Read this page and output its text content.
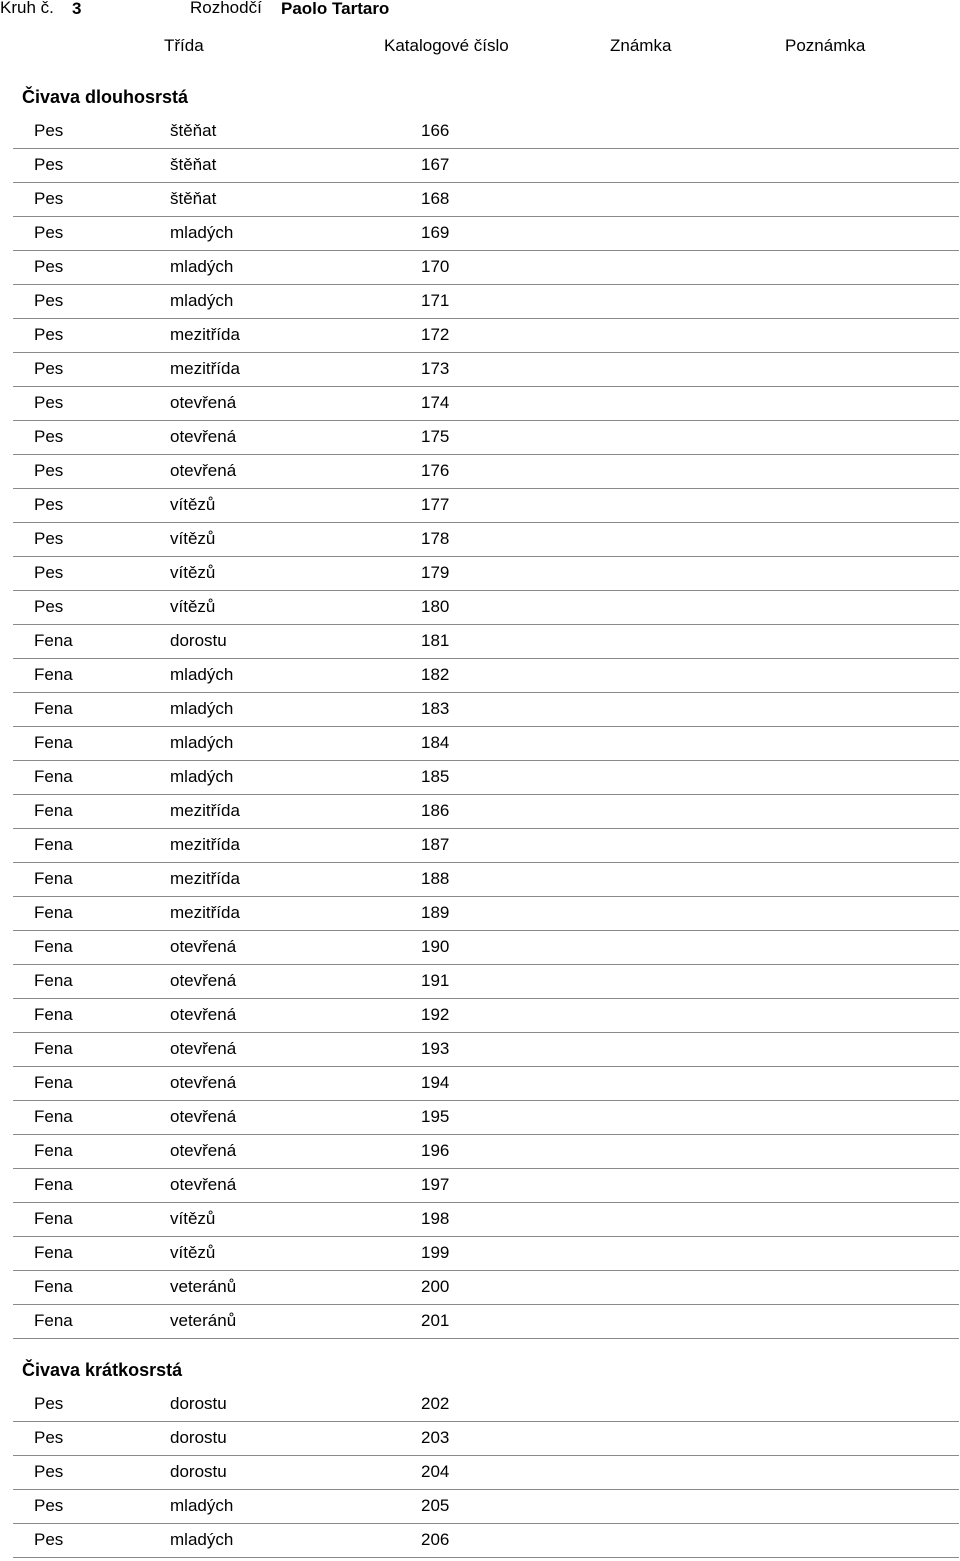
Kruh č. 3	Rozhodčí Paolo Tartaro
Třída	Katalogové číslo	Známka	Poznámka
Čivava dlouhosrstá
Pes	štěňat	166
Pes	štěňat	167
Pes	štěňat	168
Pes	mladých	169
Pes	mladých	170
Pes	mladých	171
Pes	mezitřída	172
Pes	mezitřída	173
Pes	otevřená	174
Pes	otevřená	175
Pes	otevřená	176
Pes	vítězů	177
Pes	vítězů	178
Pes	vítězů	179
Pes	vítězů	180
Fena	dorostu	181
Fena	mladých	182
Fena	mladých	183
Fena	mladých	184
Fena	mladých	185
Fena	mezitřída	186
Fena	mezitřída	187
Fena	mezitřída	188
Fena	mezitřída	189
Fena	otevřená	190
Fena	otevřená	191
Fena	otevřená	192
Fena	otevřená	193
Fena	otevřená	194
Fena	otevřená	195
Fena	otevřená	196
Fena	otevřená	197
Fena	vítězů	198
Fena	vítězů	199
Fena	veteránů	200
Fena	veteránů	201
Čivava krátkosrstá
Pes	dorostu	202
Pes	dorostu	203
Pes	dorostu	204
Pes	mladých	205
Pes	mladých	206
